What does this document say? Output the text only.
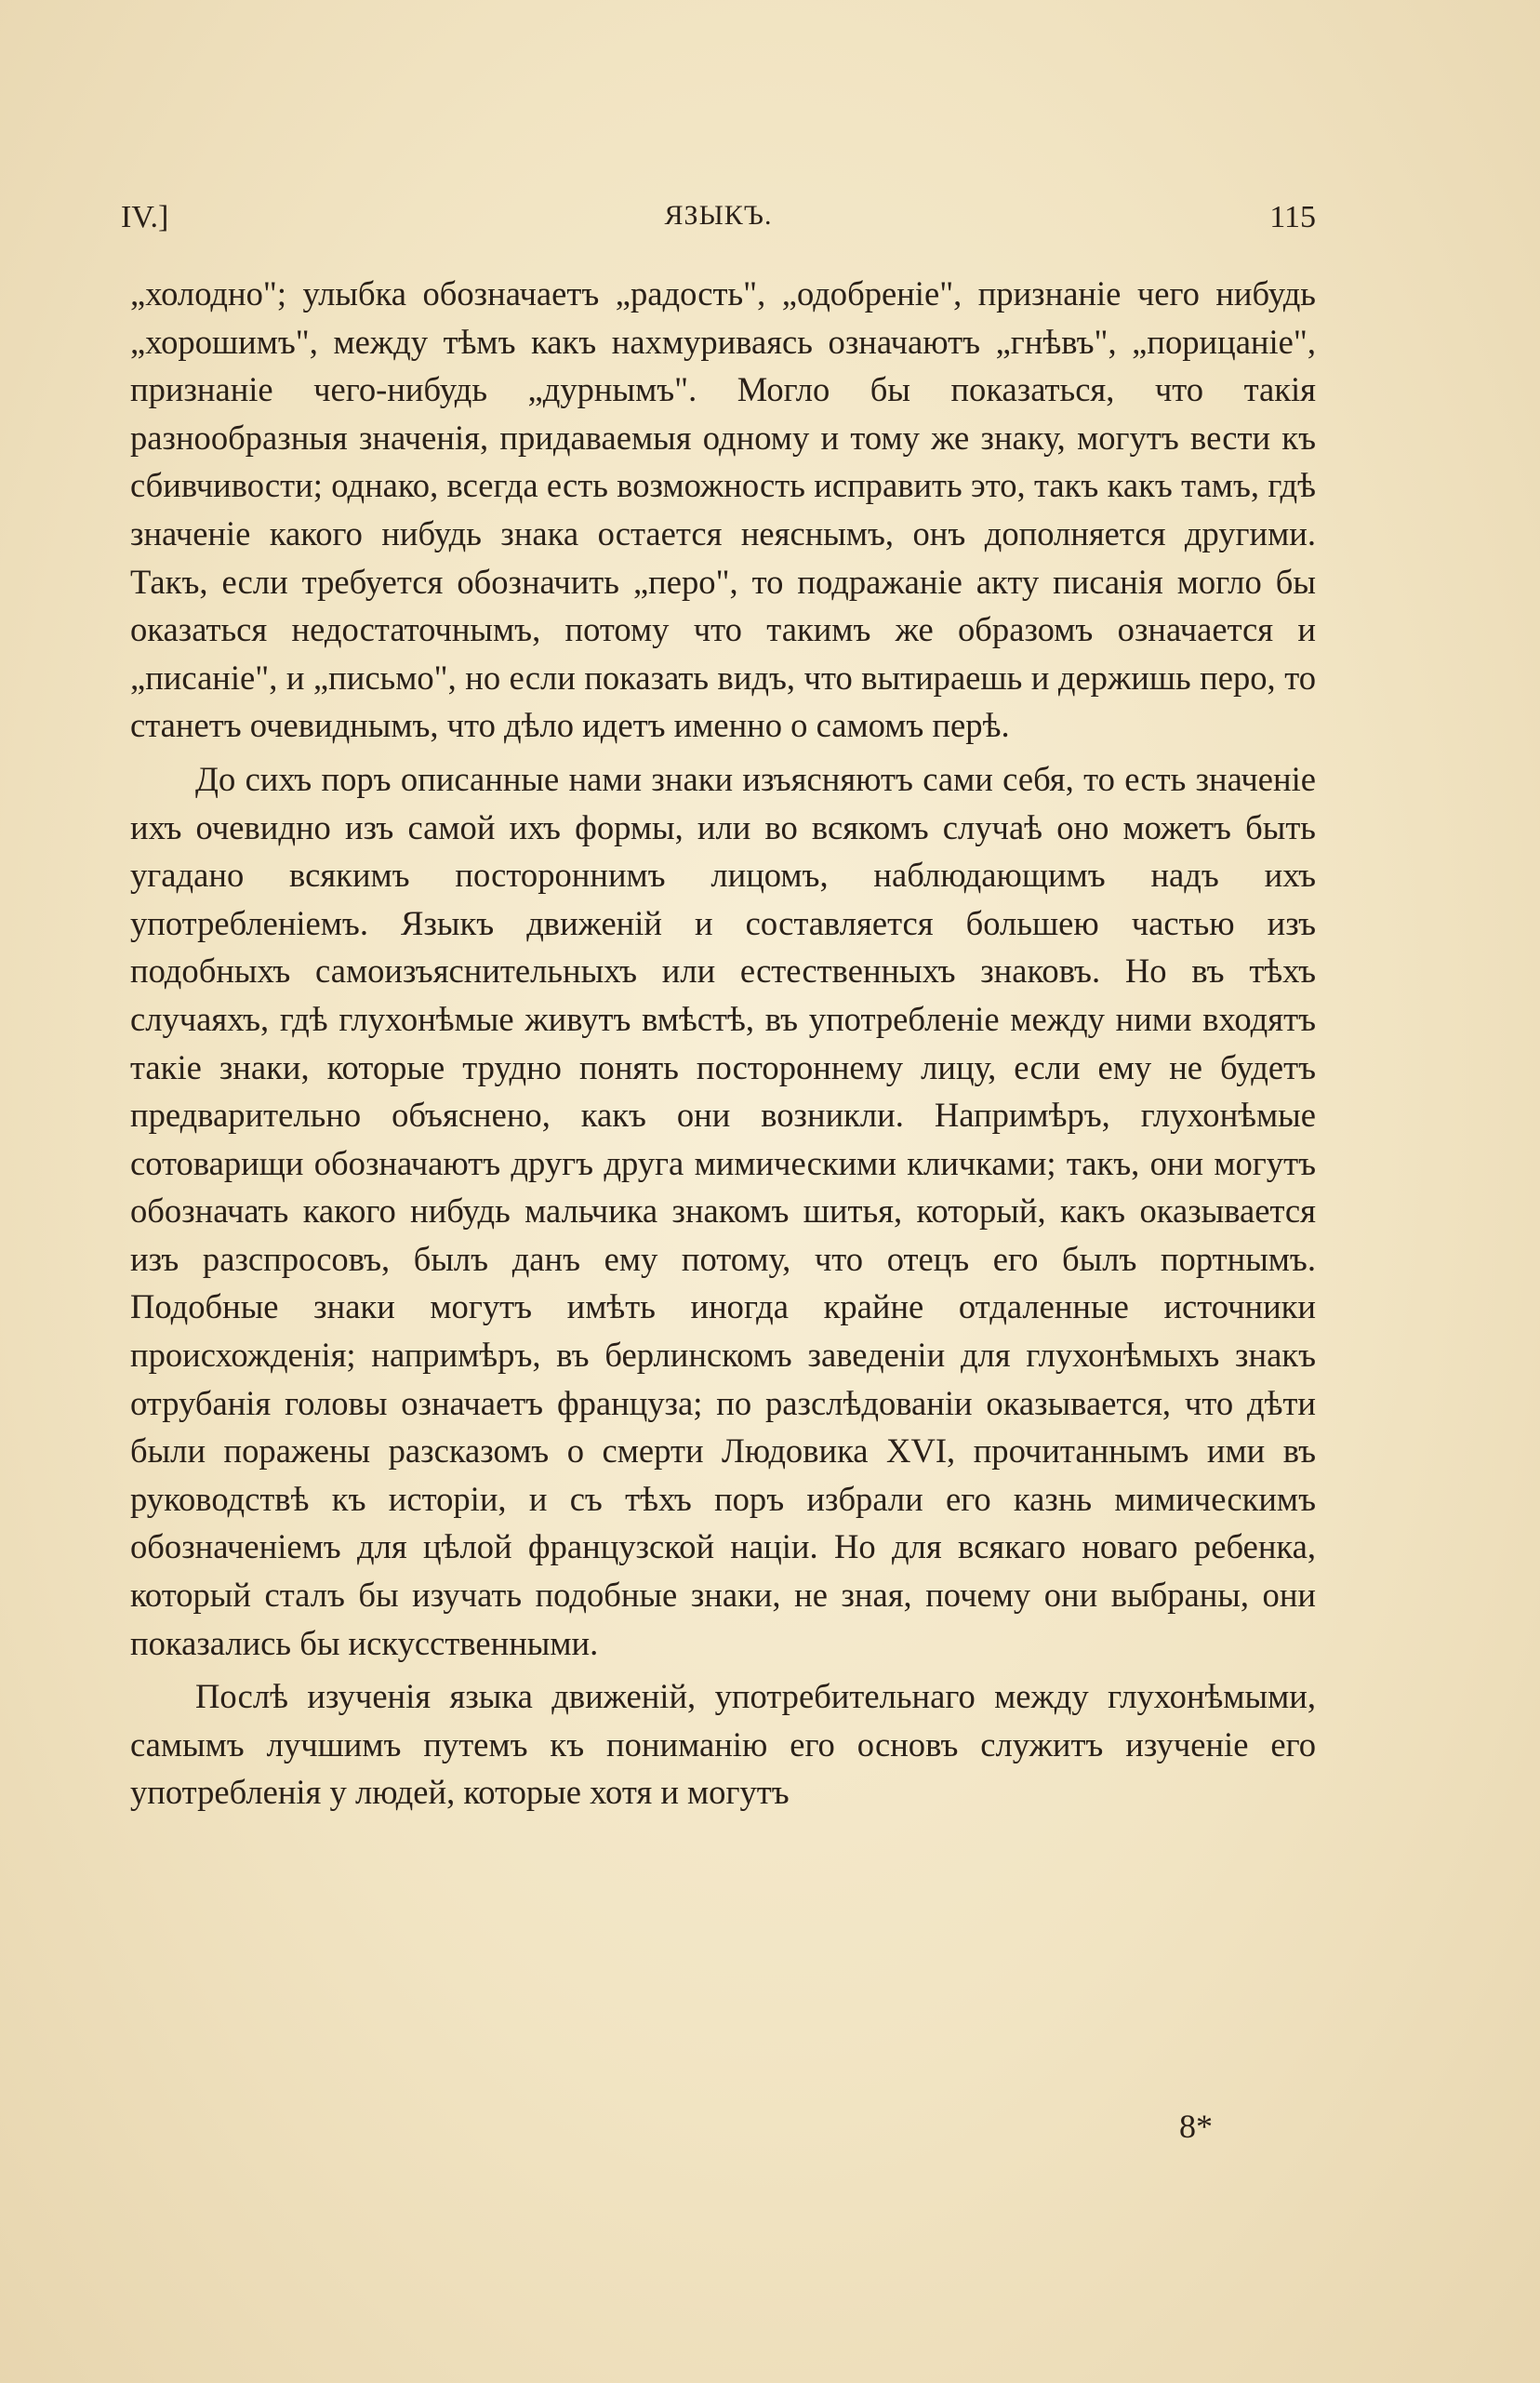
IV.]	ЯЗЫКЪ.	115

„холодно"; улыбка обозначаетъ „радость", „одобреніе", признаніе чего нибудь „хорошимъ", между тѣмъ какъ нахмуриваясь означаютъ „гнѣвъ", „порицаніе", признаніе чего-нибудь „дурнымъ". Могло бы показаться, что такія разнообразныя значенія, придаваемыя одному и тому же знаку, могутъ вести къ сбивчивости; однако, всегда есть возможность исправить это, такъ какъ тамъ, гдѣ значеніе какого нибудь знака остается неяснымъ, онъ дополняется другими. Такъ, если требуется обозначить „перо", то подражаніе акту писанія могло бы оказаться недостаточнымъ, потому что такимъ же образомъ означается и „писаніе", и „письмо", но если показать видъ, что вытираешь и держишь перо, то станетъ очевиднымъ, что дѣло идетъ именно о самомъ перѣ.

До сихъ поръ описанные нами знаки изъясняютъ сами себя, то есть значеніе ихъ очевидно изъ самой ихъ формы, или во всякомъ случаѣ оно можетъ быть угадано всякимъ постороннимъ лицомъ, наблюдающимъ надъ ихъ употребленіемъ. Языкъ движеній и составляется большею частью изъ подобныхъ самоизъяснительныхъ или естественныхъ знаковъ. Но въ тѣхъ случаяхъ, гдѣ глухонѣмые живутъ вмѣстѣ, въ употребленіе между ними входятъ такіе знаки, которые трудно понять постороннему лицу, если ему не будетъ предварительно объяснено, какъ они возникли. Напримѣръ, глухонѣмые сотоварищи обозначаютъ другъ друга мимическими кличками; такъ, они могутъ обозначать какого нибудь мальчика знакомъ шитья, который, какъ оказывается изъ разспросовъ, былъ данъ ему потому, что отецъ его былъ портнымъ. Подобные знаки могутъ имѣть иногда крайне отдаленные источники происхожденія; напримѣръ, въ берлинскомъ заведеніи для глухонѣмыхъ знакъ отрубанія головы означаетъ француза; по разслѣдованіи оказывается, что дѣти были поражены разсказомъ о смерти Людовика XVI, прочитаннымъ ими въ руководствѣ къ исторіи, и съ тѣхъ поръ избрали его казнь мимическимъ обозначеніемъ для цѣлой французской націи. Но для всякаго новаго ребенка, который сталъ бы изучать подобные знаки, не зная, почему они выбраны, они показались бы искусственными.

Послѣ изученія языка движеній, употребительнаго между глухонѣмыми, самымъ лучшимъ путемъ къ пониманію его основъ служитъ изученіе его употребленія у людей, которые хотя и могутъ

8*
